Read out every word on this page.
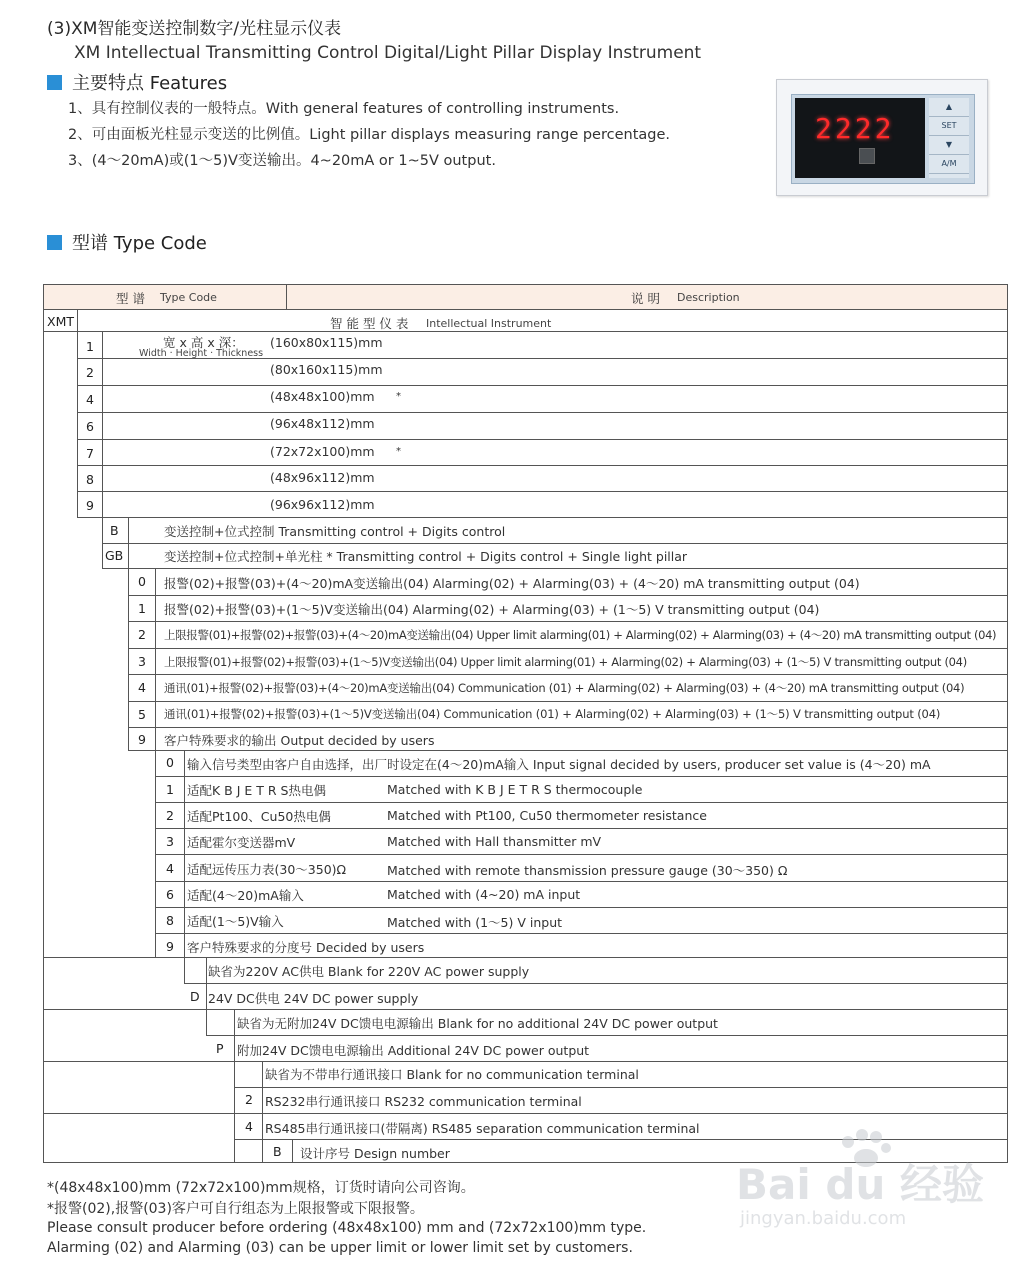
(3)XM智能变送控制数字/光柱显示仪表
XM Intellectual Transmitting Control Digital/Light Pillar Display Instrument
主要特点 Features
1、具有控制仪表的一般特点。With general features of controlling instruments.
2、可由面板光柱显示变送的比例值。Light pillar displays measuring range percentage.
3、(4～20mA)或(1～5)V变送输出。4~20mA or 1~5V output.
2222
▲
SET
▼
A/M
型谱 Type Code
型 谱 Type Code	说 明 Description
XMT	智 能 型 仪 表 Intellectual Instrument
宽 x 高 x 深：
Width · Height · Thickness
1	(160x80x115)mm
2	(80x160x115)mm
4	(48x48x100)mm *
6	(96x48x112)mm
7	(72x72x100)mm *
8	(48x96x112)mm
9	(96x96x112)mm
B	变送控制+位式控制 Transmitting control + Digits control
GB	变送控制+位式控制+单光柱 * Transmitting control + Digits control + Single light pillar
0 报警(02)+报警(03)+(4～20)mA变送输出(04) Alarming(02) + Alarming(03) + (4～20) mA transmitting output (04)
1 报警(02)+报警(03)+(1～5)V变送输出(04) Alarming(02) + Alarming(03) + (1～5) V transmitting output (04)
2 上限报警(01)+报警(02)+报警(03)+(4～20)mA变送输出(04) Upper limit alarming(01) + Alarming(02) + Alarming(03) + (4～20) mA transmitting output (04)
3 上限报警(01)+报警(02)+报警(03)+(1～5)V变送输出(04) Upper limit alarming(01) + Alarming(02) + Alarming(03) + (1～5) V transmitting output (04)
4 通讯(01)+报警(02)+报警(03)+(4～20)mA变送输出(04) Communication (01) + Alarming(02) + Alarming(03) + (4～20) mA transmitting output (04)
5 通讯(01)+报警(02)+报警(03)+(1～5)V变送输出(04) Communication (01) + Alarming(02) + Alarming(03) + (1～5) V transmitting output (04)
9 客户特殊要求的输出 Output decided by users
0 输入信号类型由客户自由选择，出厂时设定在(4～20)mA输入 Input signal decided by users, producer set value is (4～20) mA
1 适配K B J E T R S热电偶	Matched with K B J E T R S thermocouple
2 适配Pt100、Cu50热电偶	Matched with Pt100, Cu50 thermometer resistance
3 适配霍尔变送器mV	Matched with Hall thansmitter mV
4 适配远传压力表(30～350)Ω	Matched with remote thansmission pressure gauge (30～350) Ω
6 适配(4～20)mA输入	Matched with (4~20) mA input
8 适配(1～5)V输入	Matched with (1～5) V input
9 客户特殊要求的分度号 Decided by users
缺省为220V AC供电 Blank for 220V AC power supply
D 24V DC供电 24V DC power supply
缺省为无附加24V DC馈电电源输出 Blank for no additional 24V DC power output
P 附加24V DC馈电电源输出 Additional 24V DC power output
缺省为不带串行通讯接口 Blank for no communication terminal
2 RS232串行通讯接口 RS232 communication terminal
4 RS485串行通讯接口(带隔离) RS485 separation communication terminal
B 设计序号 Design number
*(48x48x100)mm (72x72x100)mm规格，订货时请向公司咨询。
*报警(02),报警(03)客户可自行组态为上限报警或下限报警。
Please consult producer before ordering (48x48x100) mm and (72x72x100)mm type.
Alarming (02) and Alarming (03) can be upper limit or lower limit set by customers.
Bai du 经验
jingyan.baidu.com
